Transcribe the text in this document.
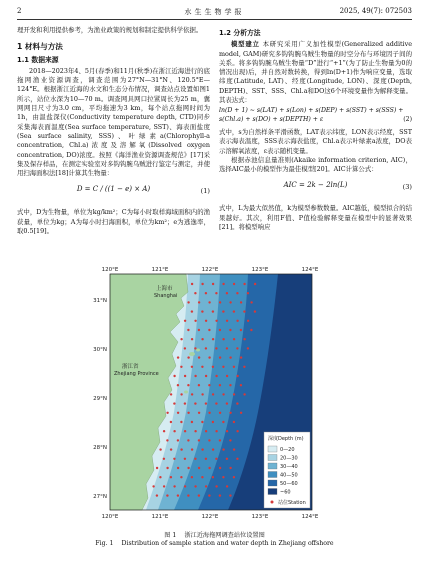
2	水生生物学报	2025, 49(7): 072503

理开发和利用提供参考，为渔业政策的规划和制定提供科学依据。

1 材料与方法
1.1 数据来源

2018—2023年4、5月(春季)和11月(秋季)在浙江近海进行的底拖网渔业资源调查，调查范围为27°N—31°N、120.5°E—124°E。根据浙江近海的水文和生态分布情况，调查站点设置如图1所示，站位水深为10—70 m。调查网具网口拉紧周长为25 m，囊网网目尺寸为3.0 cm，平均拖速为3 km，每个站点拖网时间为1h，由温盐深仪(Conductivity temperature depth, CTD)同步采集海表面温度(Sea surface temperature, SST)、海表面盐度(Sea surface salinity, SSS)、叶绿素a(Chlorophyll-a concentration, Chl.a)浓度及溶解氧(Dissolved oxygen concentration, DO)浓度。按照《海洋渔业资源调查规范》[17]采集及保存样品，在测定实验室对多钩钩腕乌贼进行鉴定与测定，并使用扫海面积法[18]计算其生物量：

D = C / ((1 − e) × A)	(1)

式中，D为生物量，单位为kg/km²；C为每小时取样海域面积内的渔获量，单位为kg；A为每小时扫海面积，单位为km²；e为逃逸率，取0.5[19]。

1.2 分析方法

模型建立 本研究采用广义加性模型(Generalized additive model, GAM)研究多钩钩腕乌贼生物量的时空分布与环境因子间的关系。将多钩钩腕乌贼生物量“D”进行“+1”(为了防止生物量为0的情况出现)后，并自然对数转换，得到ln(D+1)作为响应变量，选取纬度(Latitude, LAT)、经度(Longitude, LON)、深度(Depth, DEPTH)、SST、SSS、Chl.a和DO这6个环境变量作为解释变量。其表达式：

ln(D + 1) ~ s(LAT) + s(Lon) + s(DEP) + s(SST) + s(SSS) + s(Chl.a) + s(DO) + s(DEPTH) + ε	(2)

式中，s为自然样条平滑函数，LAT表示纬度，LON表示经度，SST表示海表温度，SSS表示海表盐度，Chl.a表示叶绿素a浓度，DO表示溶解氧浓度，ε表示随机变量。

根据赤池信息量准则(Akaike information criterion, AIC)，选择AIC最小的模型作为最佳模型[20]。AIC计算公式：

AIC = 2k − 2ln(L)	(3)

式中，L为最大似然值，k为模型参数数量。AIC越低，模型拟合的结果越好。其次，利用F值、P值检验解释变量在模型中的显著效果[21]。将模型响应

120°E	121°E	122°E	123°E	124°E
120°E	121°E	122°E	123°E	124°E
31°N
30°N
29°N
28°N
27°N
上海市
Shanghai
浙江省
Zhejiang Province
深度Depth (m)
0—20
20—30
30—40
40—50
50—60
~60
站位Station
图 1 浙江近海拖网调查站位设置图
Fig. 1 Distribution of sample station and water depth in Zhejiang offshore
